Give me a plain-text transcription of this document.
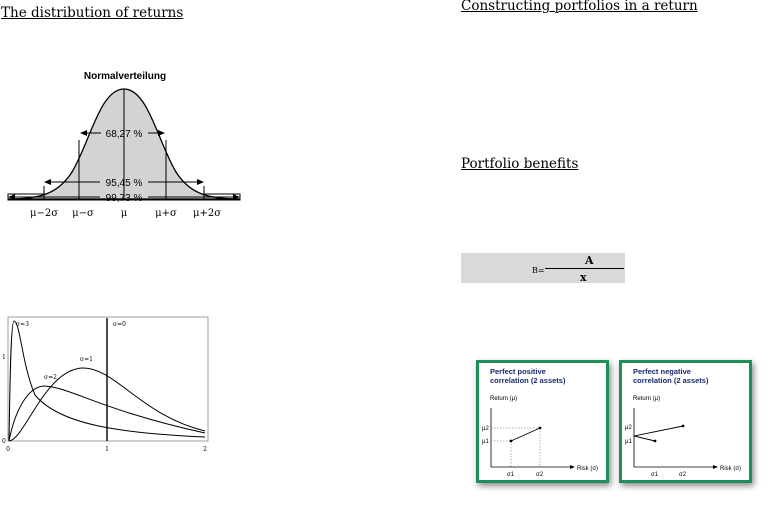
The distribution of returns	Constructing portfolios in a return
Portfolio benefits
Normalverteilung
68,27 %
95,45 %
99,73 %
μ−2σ μ−σ	μ	μ+σ μ+2σ
σ=3
σ=2
σ=1
σ=0
1
0
0	1	2
B=
A
x
Perfect positive
correlation (2 assets)
Return (μ)
Risk (σ)
μ2
μ1
σ1	σ2
Perfect negative
correlation (2 assets)
Return (μ)
Risk (σ)
μ2
μ1
σ1	σ2
